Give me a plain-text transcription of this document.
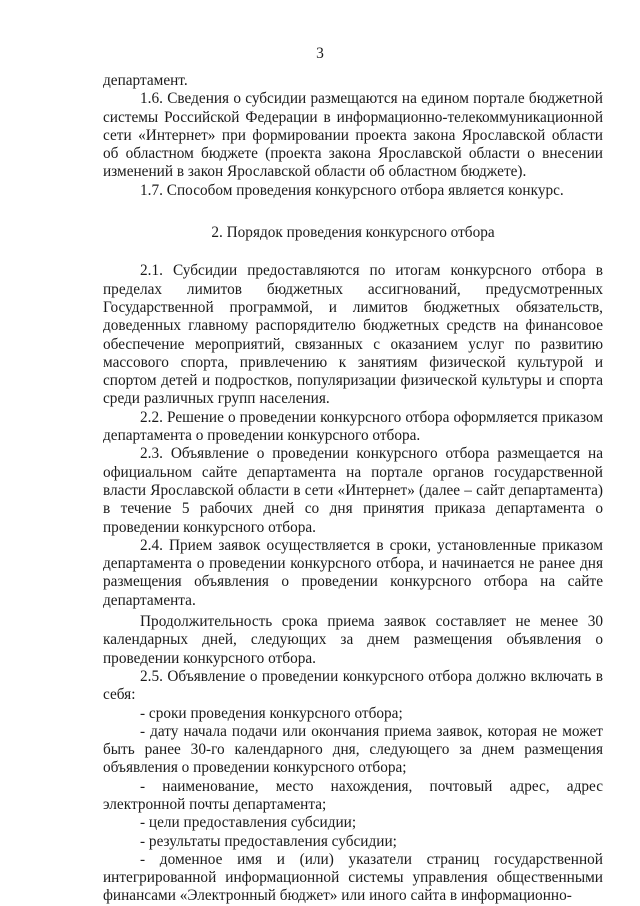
3

департамент.

1.6. Сведения о субсидии размещаются на едином портале бюджетной системы Российской Федерации в информационно-телекоммуникационной сети «Интернет» при формировании проекта закона Ярославской области об областном бюджете (проекта закона Ярославской области о внесении изменений в закон Ярославской области об областном бюджете).

1.7. Способом проведения конкурсного отбора является конкурс.

2. Порядок проведения конкурсного отбора

2.1. Субсидии предоставляются по итогам конкурсного отбора в пределах лимитов бюджетных ассигнований, предусмотренных Государственной программой, и лимитов бюджетных обязательств, доведенных главному распорядителю бюджетных средств на финансовое обеспечение мероприятий, связанных с оказанием услуг по развитию массового спорта, привлечению к занятиям физической культурой и спортом детей и подростков, популяризации физической культуры и спорта среди различных групп населения.

2.2. Решение о проведении конкурсного отбора оформляется приказом департамента о проведении конкурсного отбора.

2.3. Объявление о проведении конкурсного отбора размещается на официальном сайте департамента на портале органов государственной власти Ярославской области в сети «Интернет» (далее – сайт департамента) в течение 5 рабочих дней со дня принятия приказа департамента о проведении конкурсного отбора.

2.4. Прием заявок осуществляется в сроки, установленные приказом департамента о проведении конкурсного отбора, и начинается не ранее дня размещения объявления о проведении конкурсного отбора на сайте департамента.

Продолжительность срока приема заявок составляет не менее 30 календарных дней, следующих за днем размещения объявления о проведении конкурсного отбора.

2.5. Объявление о проведении конкурсного отбора должно включать в себя:

- сроки проведения конкурсного отбора;

- дату начала подачи или окончания приема заявок, которая не может быть ранее 30-го календарного дня, следующего за днем размещения объявления о проведении конкурсного отбора;

- наименование, место нахождения, почтовый адрес, адрес электронной почты департамента;

- цели предоставления субсидии;

- результаты предоставления субсидии;

- доменное имя и (или) указатели страниц государственной интегрированной информационной системы управления общественными финансами «Электронный бюджет» или иного сайта в информационно-
